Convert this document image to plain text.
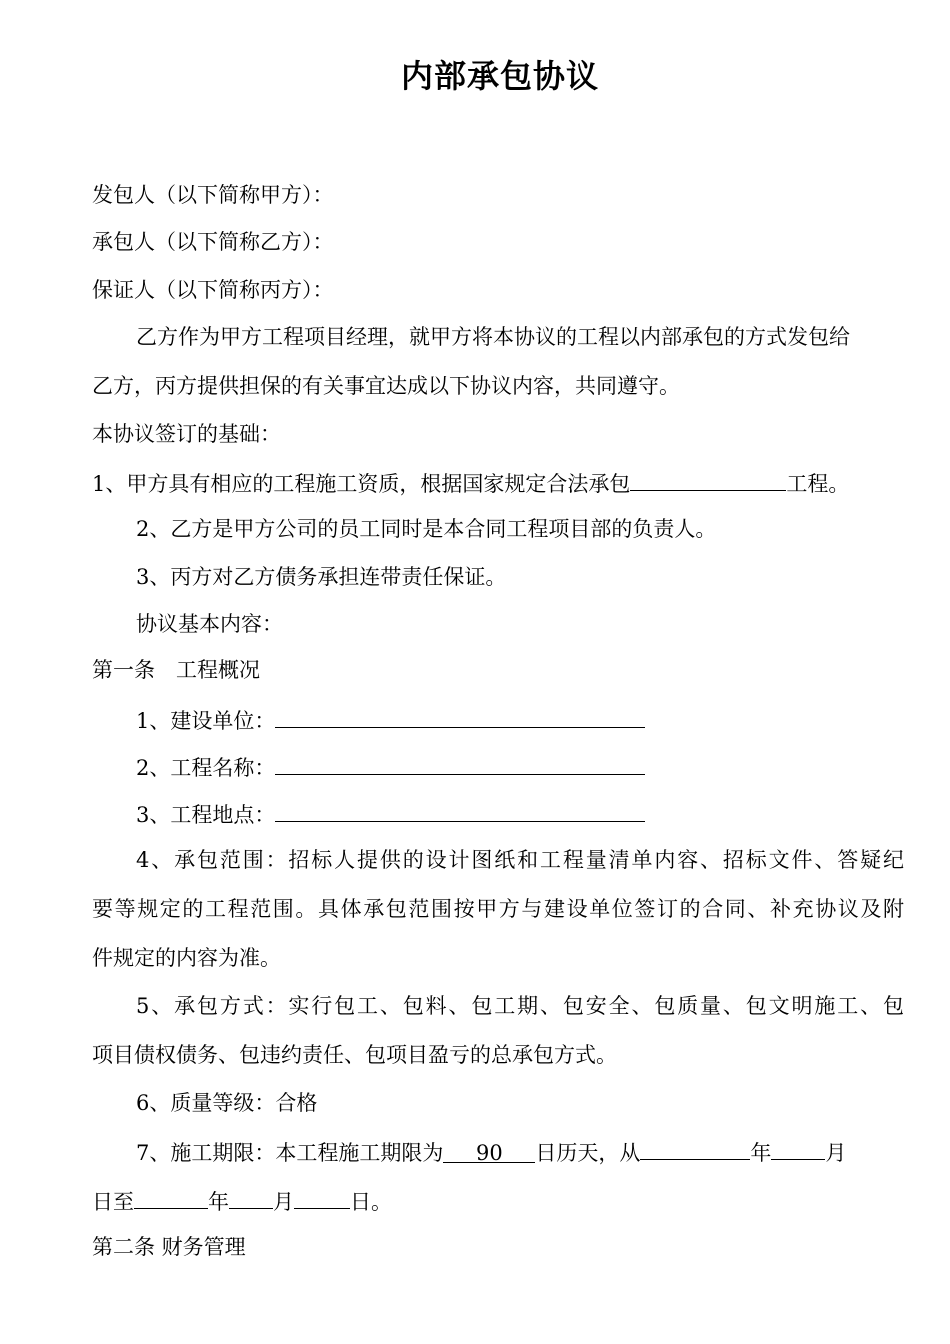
内部承包协议
发包人（以下简称甲方）：
承包人（以下简称乙方）：
保证人（以下简称丙方）：
乙方作为甲方工程项目经理，就甲方将本协议的工程以内部承包的方式发包给
乙方，丙方提供担保的有关事宜达成以下协议内容，共同遵守。
本协议签订的基础：
1、甲方具有相应的工程施工资质，根据国家规定合法承包	工程。
2、乙方是甲方公司的员工同时是本合同工程项目部的负责人。
3、丙方对乙方债务承担连带责任保证。
协议基本内容：
第一条　工程概况
1、建设单位：
2、工程名称：
3、工程地点：
4、承包范围：招标人提供的设计图纸和工程量清单内容、招标文件、答疑纪
要等规定的工程范围。具体承包范围按甲方与建设单位签订的合同、补充协议及附
件规定的内容为准。
5、承包方式：实行包工、包料、包工期、包安全、包质量、包文明施工、包
项目债权债务、包违约责任、包项目盈亏的总承包方式。
6、质量等级：合格
7、施工期限：本工程施工期限为 90 日历天，从	年	月
日至	年 月	日。
第二条 财务管理
